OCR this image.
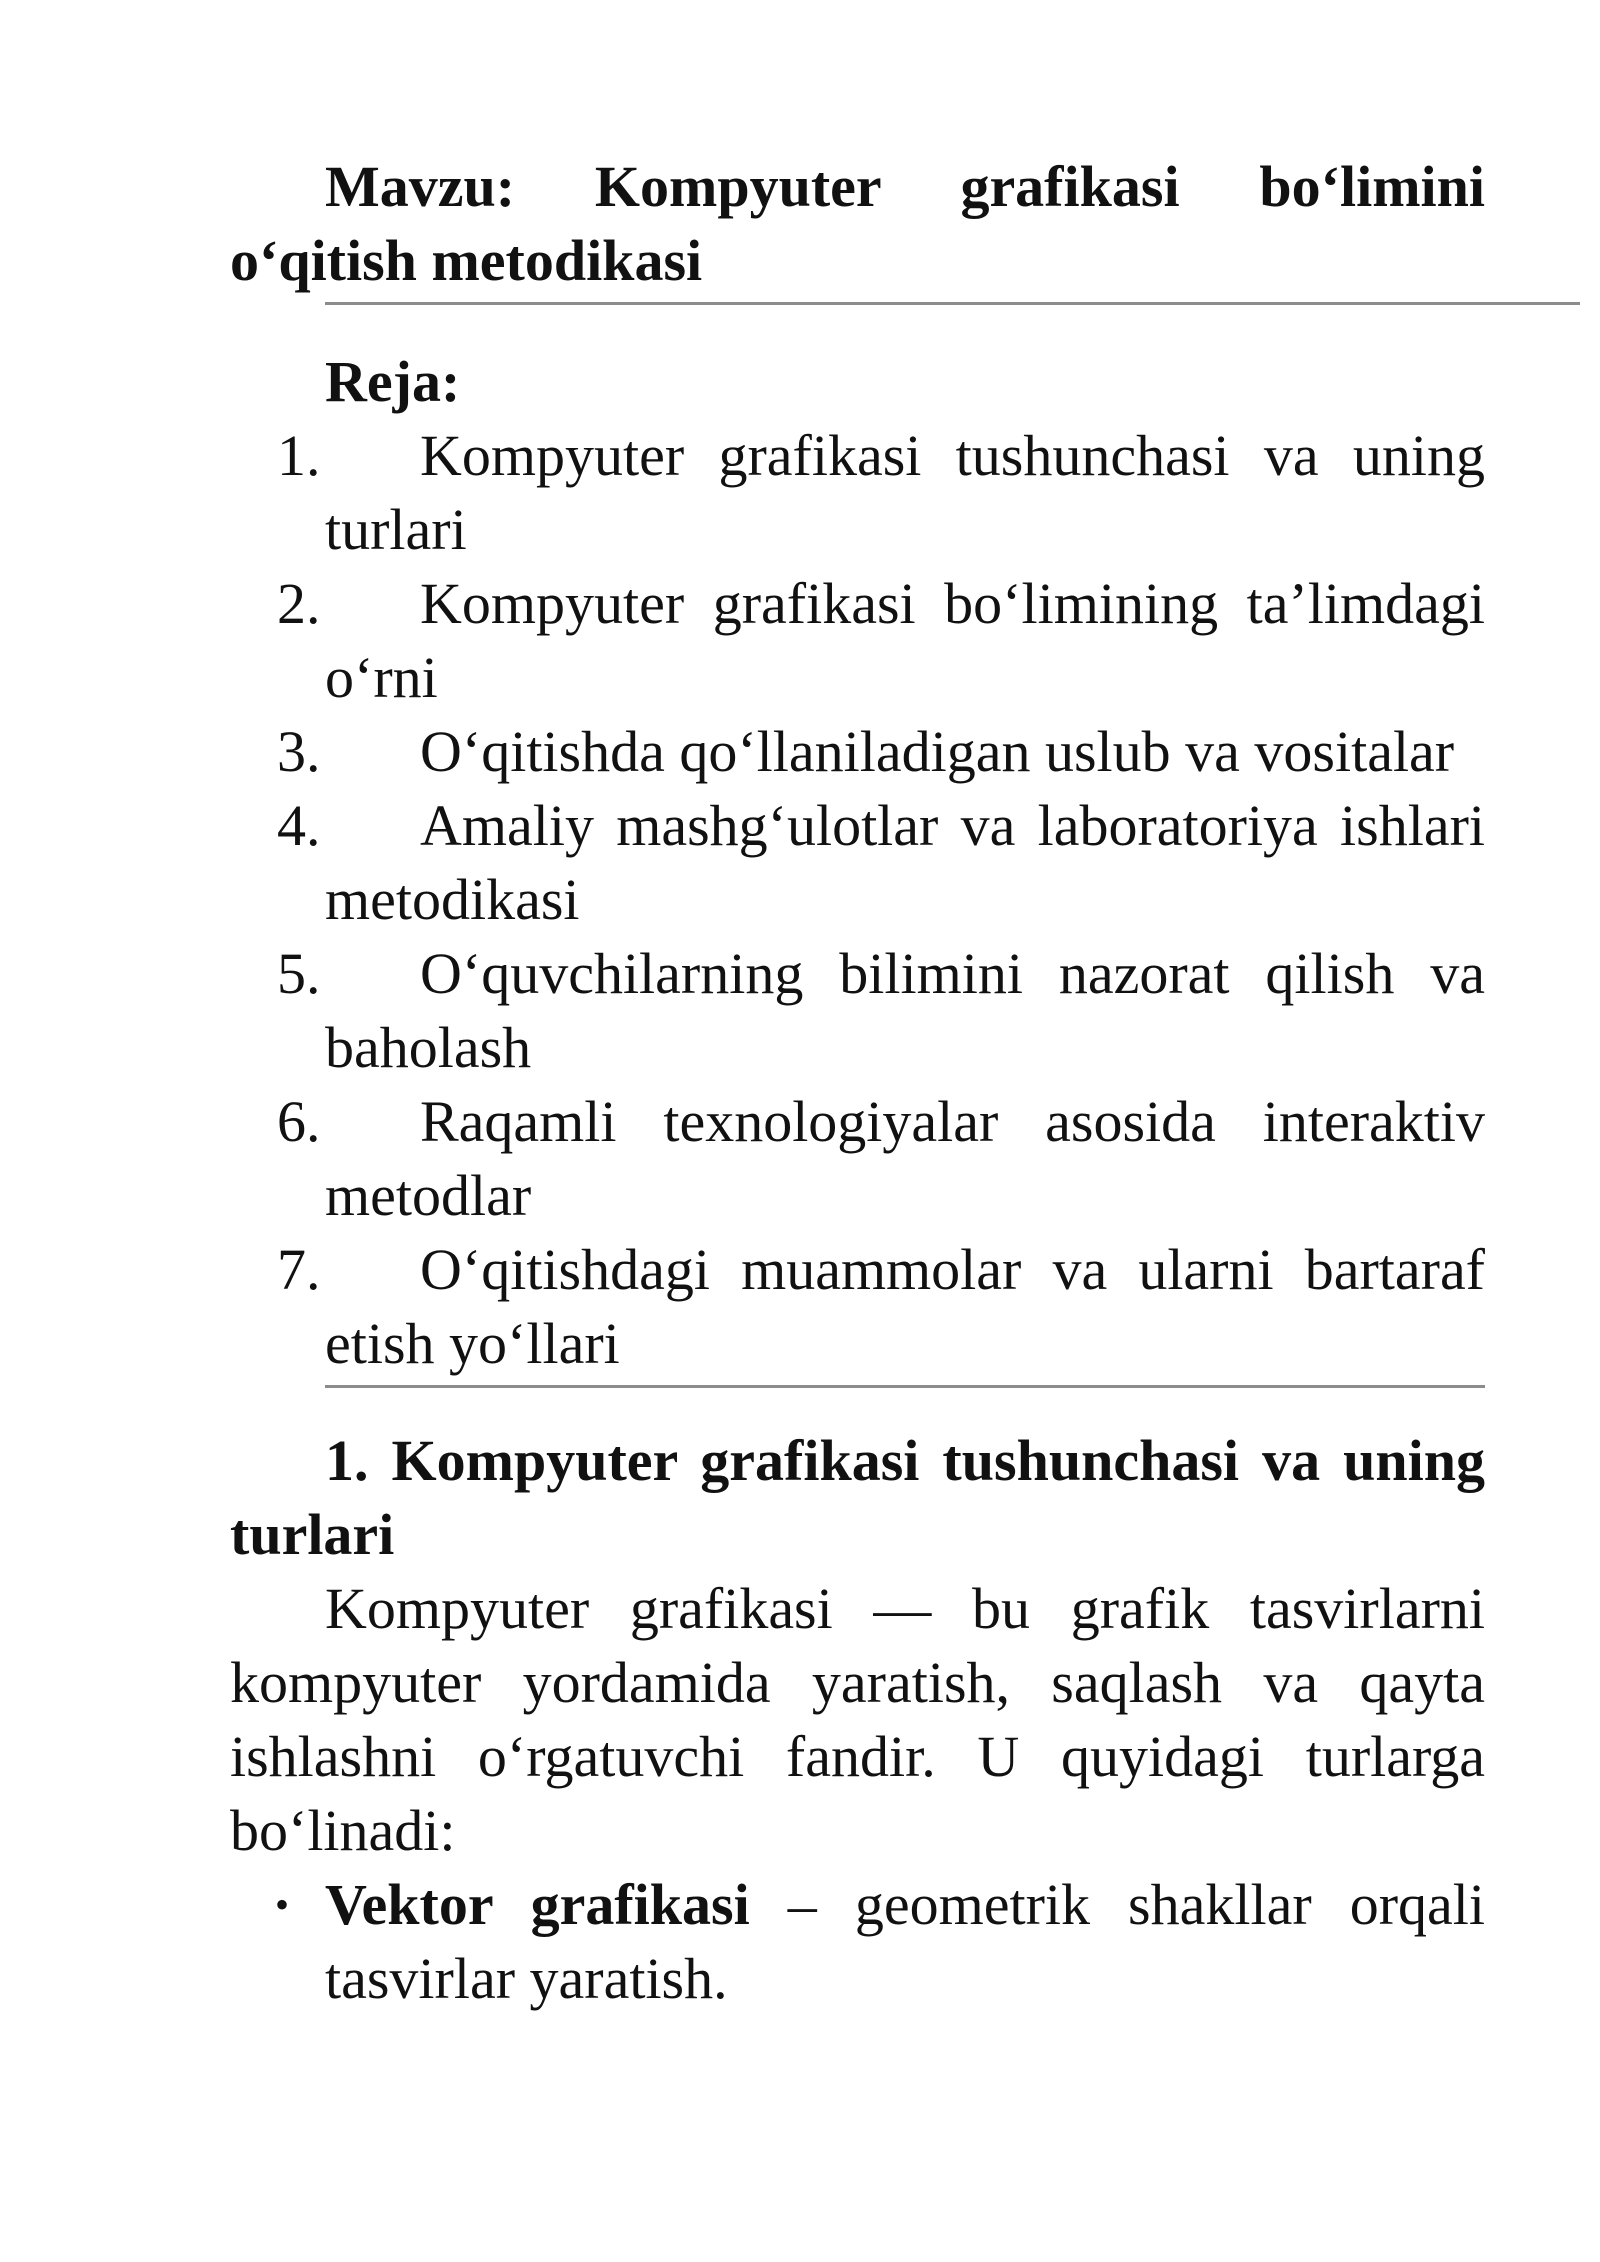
Mavzu: Kompyuter grafikasi bo‘limini o‘qitish metodikasi

Reja:
1. Kompyuter grafikasi tushunchasi va uning turlari
2. Kompyuter grafikasi bo‘limining ta’limdagi o‘rni
3. O‘qitishda qo‘llaniladigan uslub va vositalar
4. Amaliy mashg‘ulotlar va laboratoriya ishlari metodikasi
5. O‘quvchilarning bilimini nazorat qilish va baholash
6. Raqamli texnologiyalar asosida interaktiv metodlar
7. O‘qitishdagi muammolar va ularni bartaraf etish yo‘llari

1. Kompyuter grafikasi tushunchasi va uning turlari

Kompyuter grafikasi — bu grafik tasvirlarni kompyuter yordamida yaratish, saqlash va qayta ishlashni o‘rgatuvchi fandir. U quyidagi turlarga bo‘linadi:

• Vektor grafikasi – geometrik shakllar orqali tasvirlar yaratish.
